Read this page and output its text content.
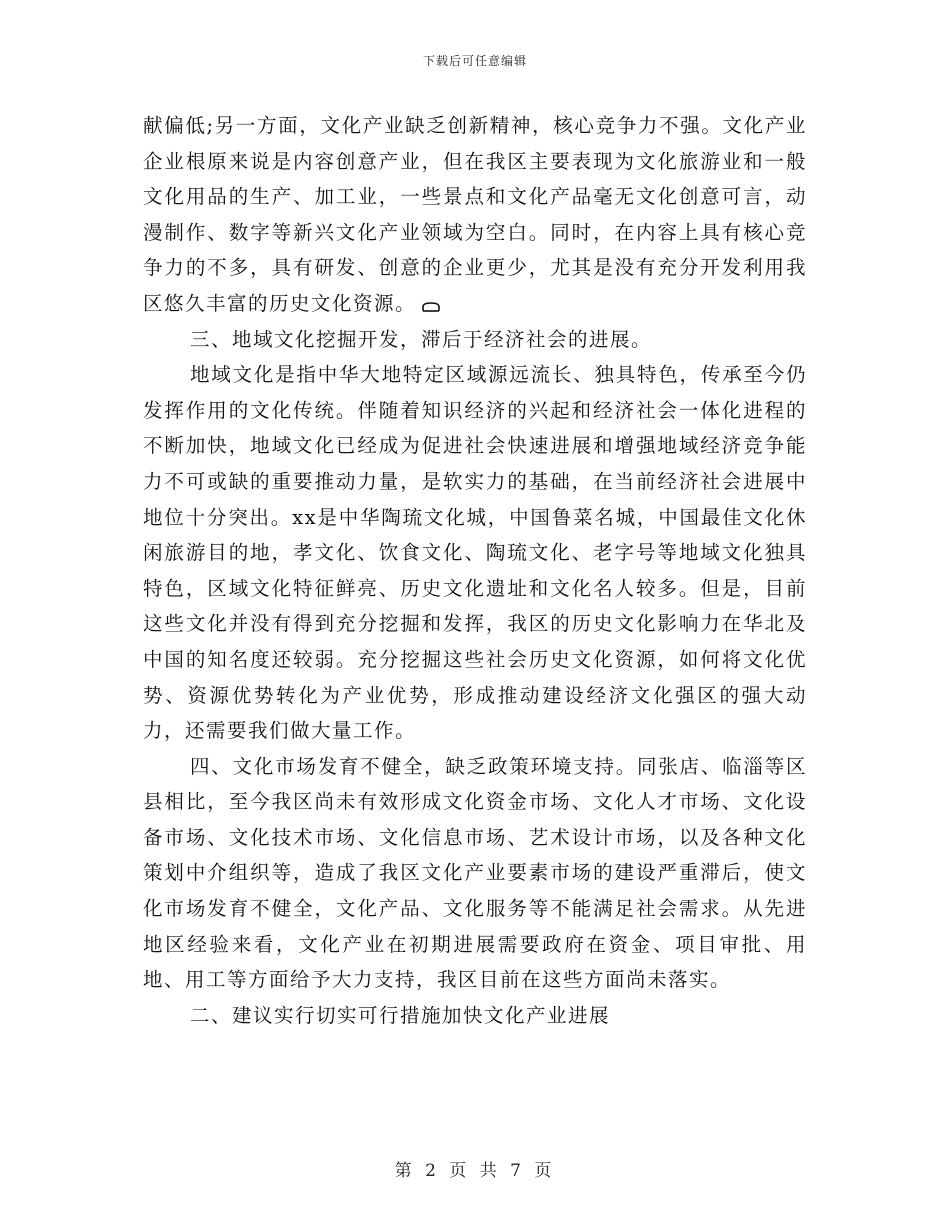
下载后可任意编辑

献偏低;另一方面，文化产业缺乏创新精神，核心竞争力不强。文化产业企业根原来说是内容创意产业，但在我区主要表现为文化旅游业和一般文化用品的生产、加工业，一些景点和文化产品毫无文化创意可言，动漫制作、数字等新兴文化产业领域为空白。同时，在内容上具有核心竞争力的不多，具有研发、创意的企业更少，尤其是没有充分开发利用我区悠久丰富的历史文化资源。

三、地域文化挖掘开发，滞后于经济社会的进展。

地域文化是指中华大地特定区域源远流长、独具特色，传承至今仍发挥作用的文化传统。伴随着知识经济的兴起和经济社会一体化进程的不断加快，地域文化已经成为促进社会快速进展和增强地域经济竞争能力不可或缺的重要推动力量，是软实力的基础，在当前经济社会进展中地位十分突出。xx是中华陶琉文化城，中国鲁菜名城，中国最佳文化休闲旅游目的地，孝文化、饮食文化、陶琉文化、老字号等地域文化独具特色，区域文化特征鲜亮、历史文化遗址和文化名人较多。但是，目前这些文化并没有得到充分挖掘和发挥，我区的历史文化影响力在华北及中国的知名度还较弱。充分挖掘这些社会历史文化资源，如何将文化优势、资源优势转化为产业优势，形成推动建设经济文化强区的强大动力，还需要我们做大量工作。

四、文化市场发育不健全，缺乏政策环境支持。同张店、临淄等区县相比，至今我区尚未有效形成文化资金市场、文化人才市场、文化设备市场、文化技术市场、文化信息市场、艺术设计市场，以及各种文化策划中介组织等，造成了我区文化产业要素市场的建设严重滞后，使文化市场发育不健全，文化产品、文化服务等不能满足社会需求。从先进地区经验来看，文化产业在初期进展需要政府在资金、项目审批、用地、用工等方面给予大力支持，我区目前在这些方面尚未落实。

二、建议实行切实可行措施加快文化产业进展

第 2 页 共 7 页
